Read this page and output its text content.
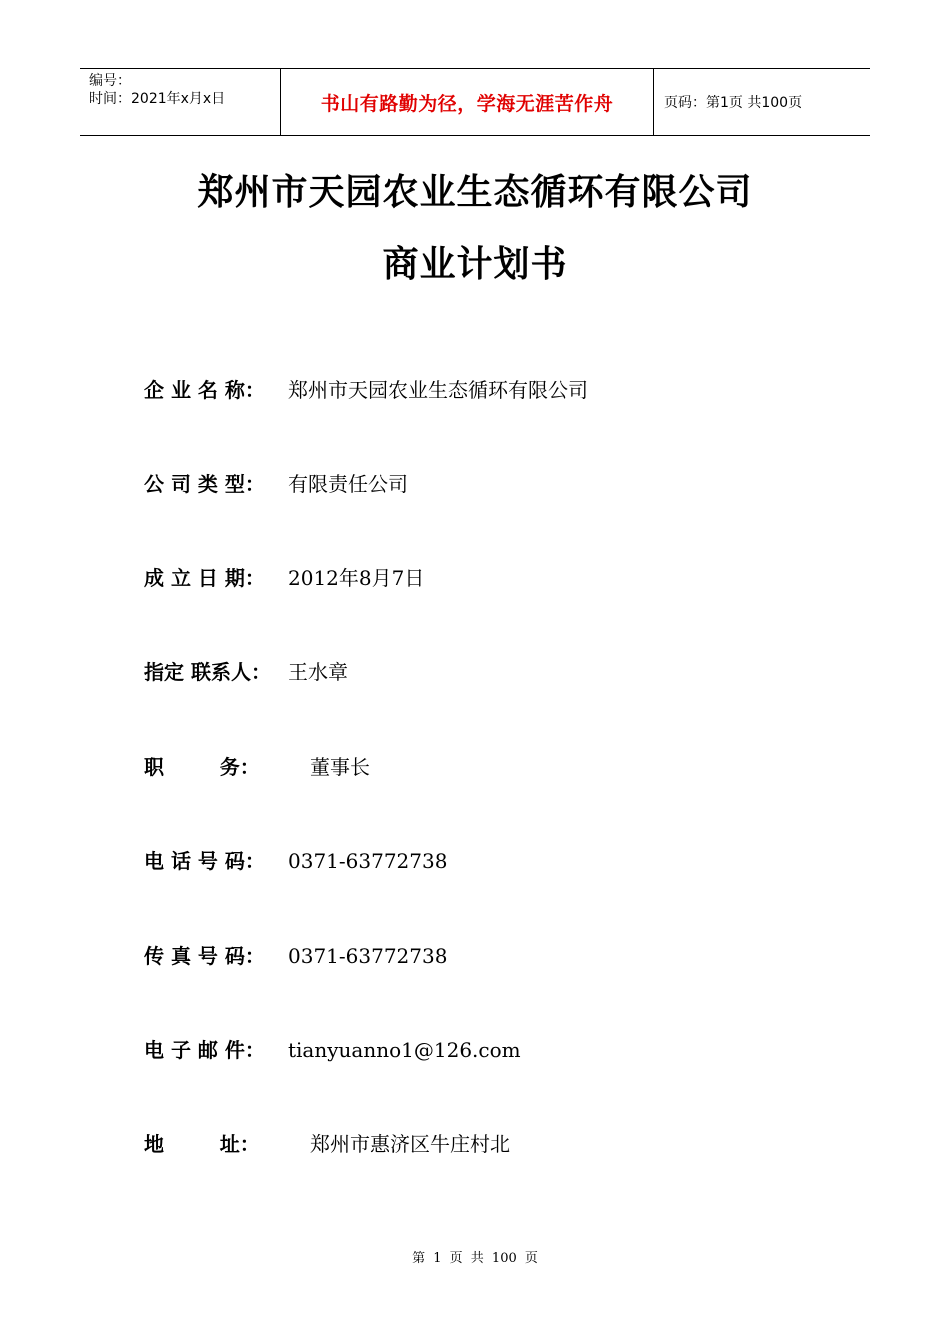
编号：
时间：2021年x月x日	书山有路勤为径，学海无涯苦作舟	页码：第1页 共100页
郑州市天园农业生态循环有限公司
商业计划书
企 业 名 称： 郑州市天园农业生态循环有限公司
公 司 类 型： 有限责任公司
成 立 日 期： 2012年8月7日
指定 联系人： 王水章
职        务：	董事长
电 话 号 码： 0371-63772738
传 真 号 码： 0371-63772738
电 子 邮 件： tianyuanno1@126.com
地        址：	郑州市惠济区牛庄村北
第 1 页 共 100 页
